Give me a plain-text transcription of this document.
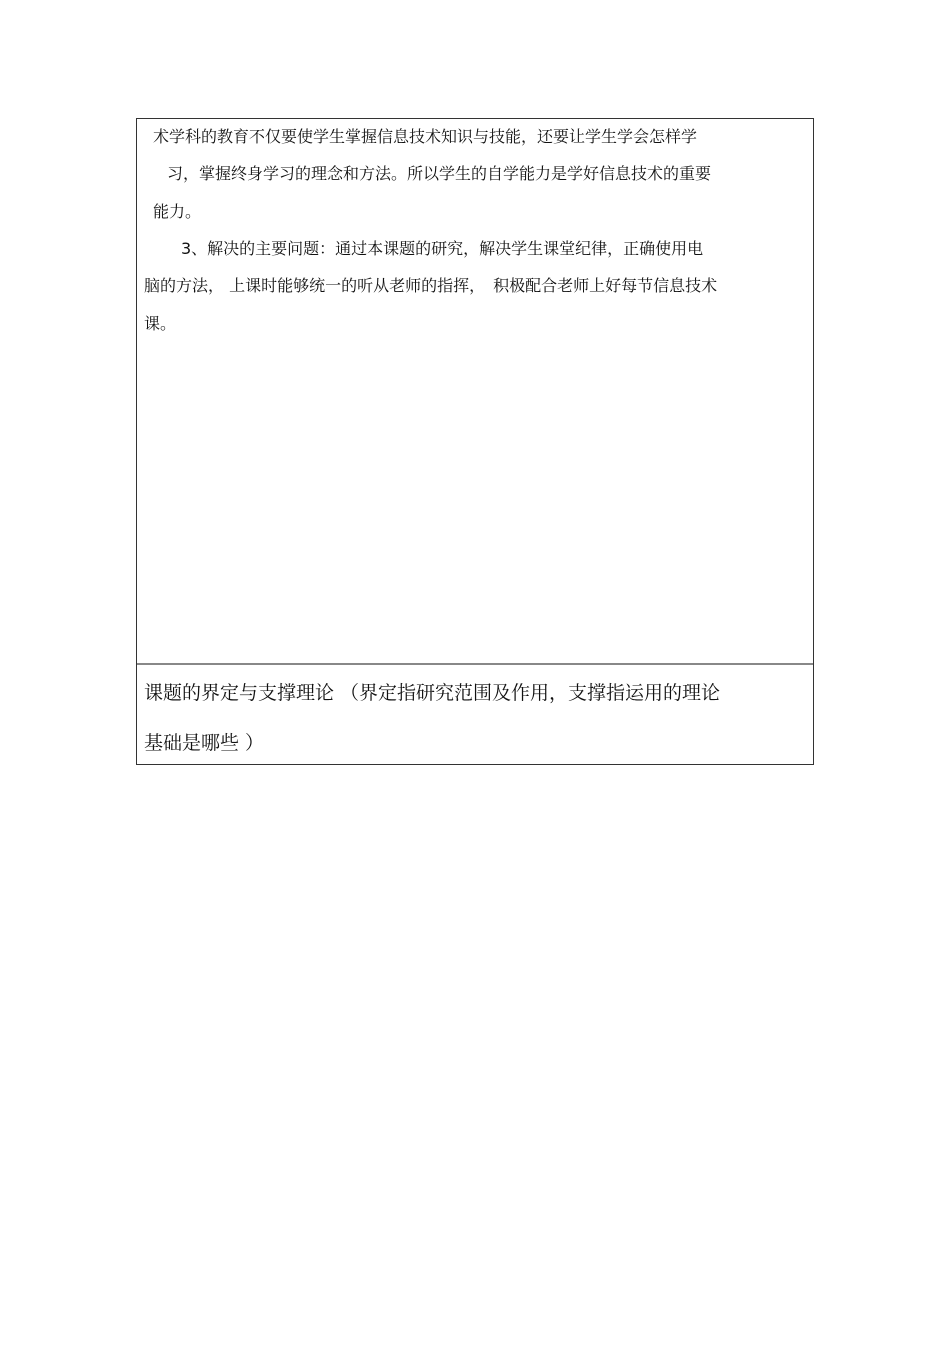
术学科的教育不仅要使学生掌握信息技术知识与技能，还要让学生学会怎样学
习，掌握终身学习的理念和方法。所以学生的自学能力是学好信息技术的重要
能力。
3、解决的主要问题：通过本课题的研究，解决学生课堂纪律，正确使用电
脑的方法， 上课时能够统一的听从老师的指挥，　积极配合老师上好每节信息技术
课。
课题的界定与支撑理论 （界定指研究范围及作用，支撑指运用的理论
基础是哪些 ）
